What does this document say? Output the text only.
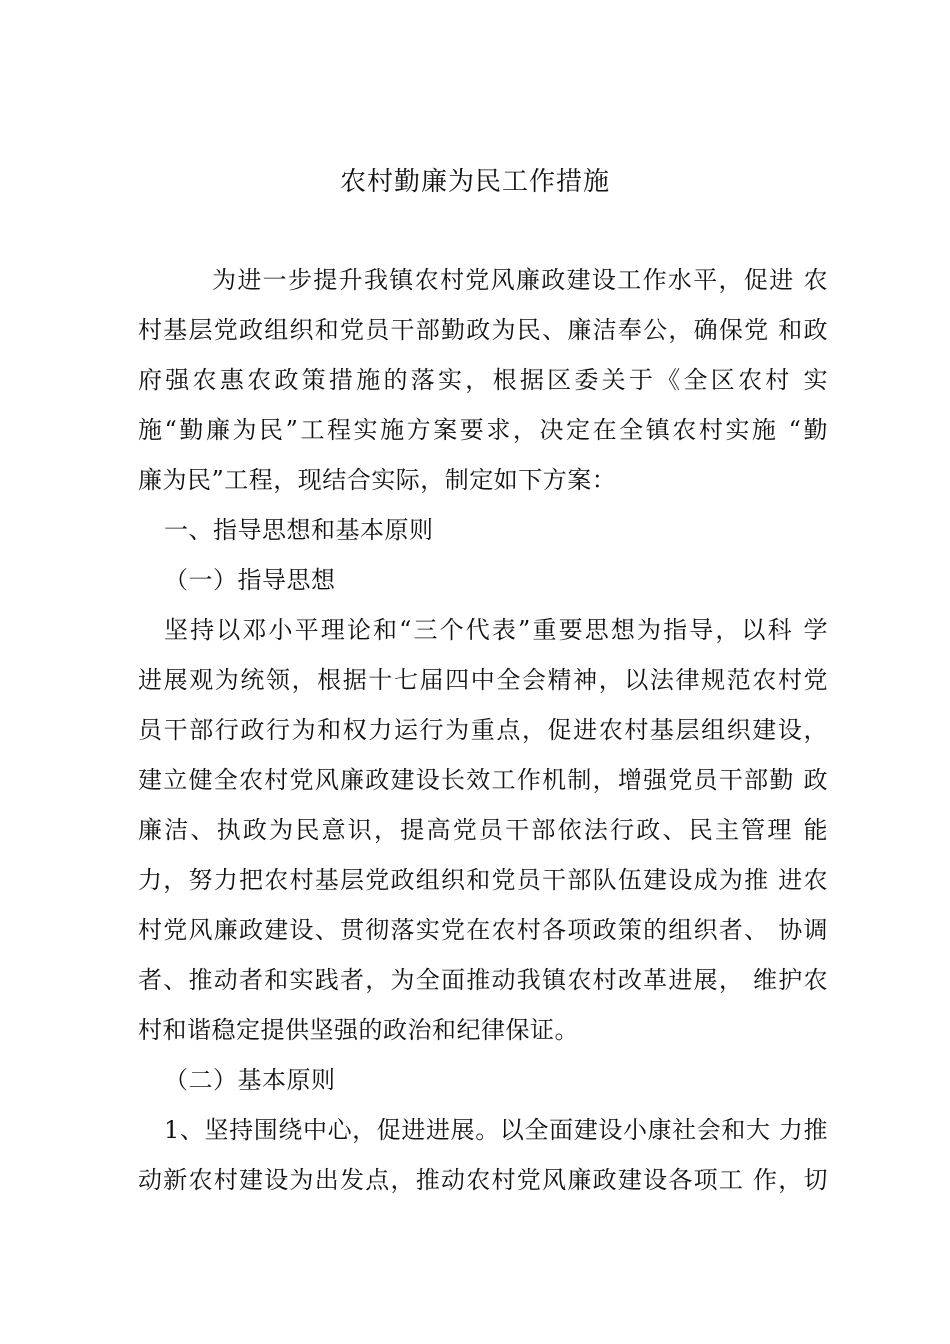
农村勤廉为民工作措施
为进一步提升我镇农村党风廉政建设工作水平，促进 农
村基层党政组织和党员干部勤政为民、廉洁奉公，确保党 和政
府强农惠农政策措施的落实，根据区委关于《全区农村 实
施“勤廉为民”工程实施方案要求，决定在全镇农村实施 “勤
廉为民”工程，现结合实际，制定如下方案：
一、指导思想和基本原则
（一）指导思想
坚持以邓小平理论和“三个代表”重要思想为指导，以科 学
进展观为统领，根据十七届四中全会精神，以法律规范农村党
员干部行政行为和权力运行为重点，促进农村基层组织建设，
建立健全农村党风廉政建设长效工作机制，增强党员干部勤 政
廉洁、执政为民意识，提高党员干部依法行政、民主管理 能
力，努力把农村基层党政组织和党员干部队伍建设成为推 进农
村党风廉政建设、贯彻落实党在农村各项政策的组织者、 协调
者、推动者和实践者，为全面推动我镇农村改革进展， 维护农
村和谐稳定提供坚强的政治和纪律保证。
（二）基本原则
1、坚持围绕中心，促进进展。以全面建设小康社会和大 力推
动新农村建设为出发点，推动农村党风廉政建设各项工 作，切
